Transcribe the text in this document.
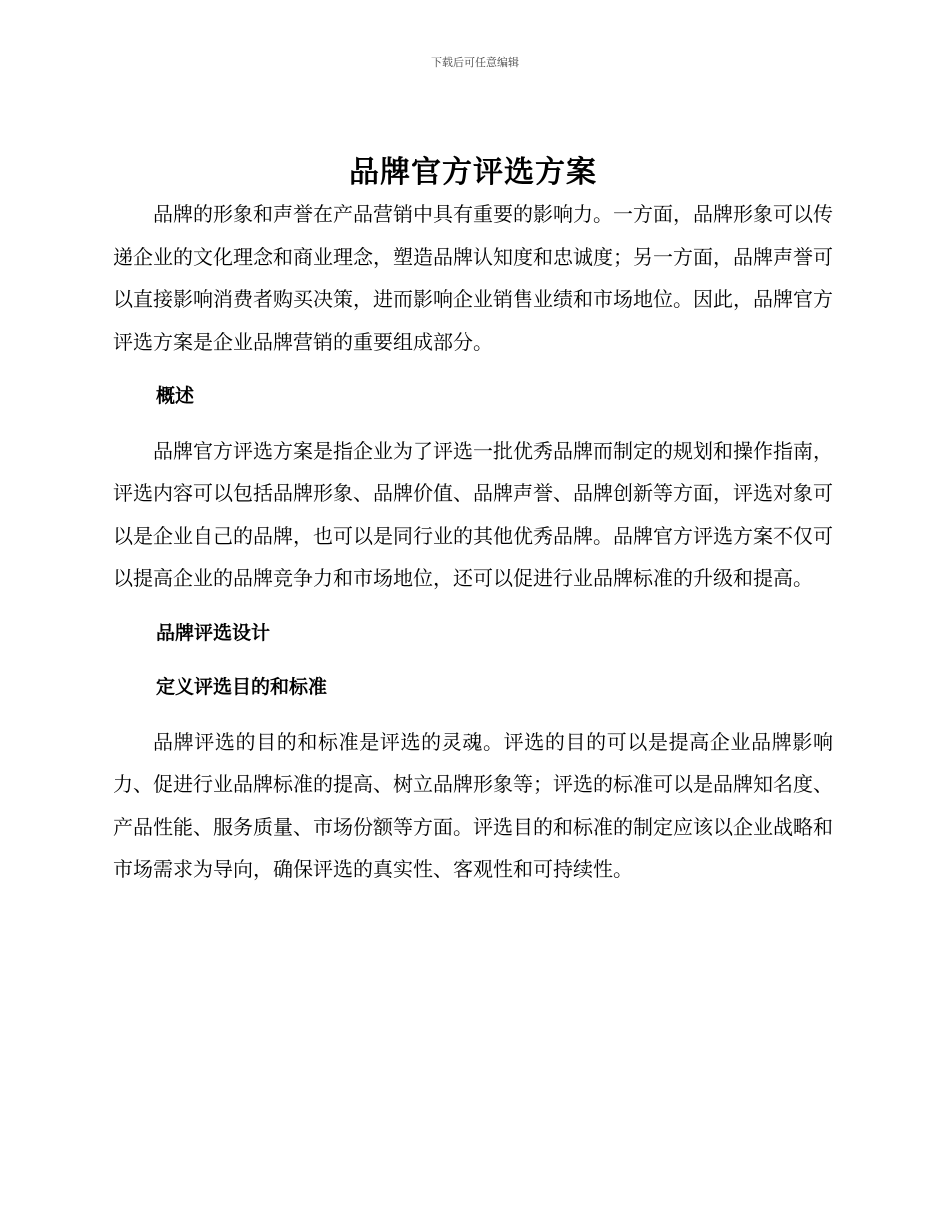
下载后可任意编辑
品牌官方评选方案

品牌的形象和声誉在产品营销中具有重要的影响力。一方面，品牌形象可以传递企业的文化理念和商业理念，塑造品牌认知度和忠诚度；另一方面，品牌声誉可以直接影响消费者购买决策，进而影响企业销售业绩和市场地位。因此，品牌官方评选方案是企业品牌营销的重要组成部分。

概述

品牌官方评选方案是指企业为了评选一批优秀品牌而制定的规划和操作指南，评选内容可以包括品牌形象、品牌价值、品牌声誉、品牌创新等方面，评选对象可以是企业自己的品牌，也可以是同行业的其他优秀品牌。品牌官方评选方案不仅可以提高企业的品牌竞争力和市场地位，还可以促进行业品牌标准的升级和提高。

品牌评选设计
定义评选目的和标准

品牌评选的目的和标准是评选的灵魂。评选的目的可以是提高企业品牌影响力、促进行业品牌标准的提高、树立品牌形象等；评选的标准可以是品牌知名度、产品性能、服务质量、市场份额等方面。评选目的和标准的制定应该以企业战略和市场需求为导向，确保评选的真实性、客观性和可持续性。
